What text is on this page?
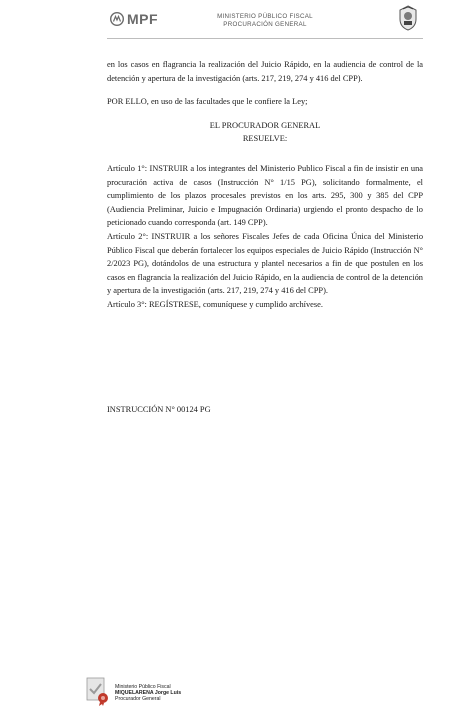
MPF	MINISTERIO PÚBLICO FISCAL
PROCURACIÓN GENERAL

en los casos en flagrancia la realización del Juicio Rápido, en la audiencia de control de la detención y apertura de la investigación (arts. 217, 219, 274 y 416 del CPP).

POR ELLO, en uso de las facultades que le confiere la Ley;

EL PROCURADOR GENERAL

RESUELVE:

Artículo 1°: INSTRUIR a los integrantes del Ministerio Publico Fiscal a fin de insistir en una procuración activa de casos (Instrucción N° 1/15 PG), solicitando formalmente, el cumplimiento de los plazos procesales previstos en los arts. 295, 300 y 385 del CPP (Audiencia Preliminar, Juicio e Impugnación Ordinaria) urgiendo el pronto despacho de lo peticionado cuando corresponda (art. 149 CPP).

Artículo 2°: INSTRUIR a los señores Fiscales Jefes de cada Oficina Única del Ministerio Público Fiscal que deberán fortalecer los equipos especiales de Juicio Rápido (Instrucción N° 2/2023 PG), dotándolos de una estructura y plantel necesarios a fin de que postulen en los casos en flagrancia la realización del Juicio Rápido, en la audiencia de control de la detención y apertura de la investigación (arts. 217, 219, 274 y 416 del CPP).

Artículo 3°: REGÍSTRESE, comuníquese y cumplido archívese.

INSTRUCCIÓN N° 00124 PG
Ministerio Público Fiscal
MIQUELARENA Jorge Luis
Procurador General
